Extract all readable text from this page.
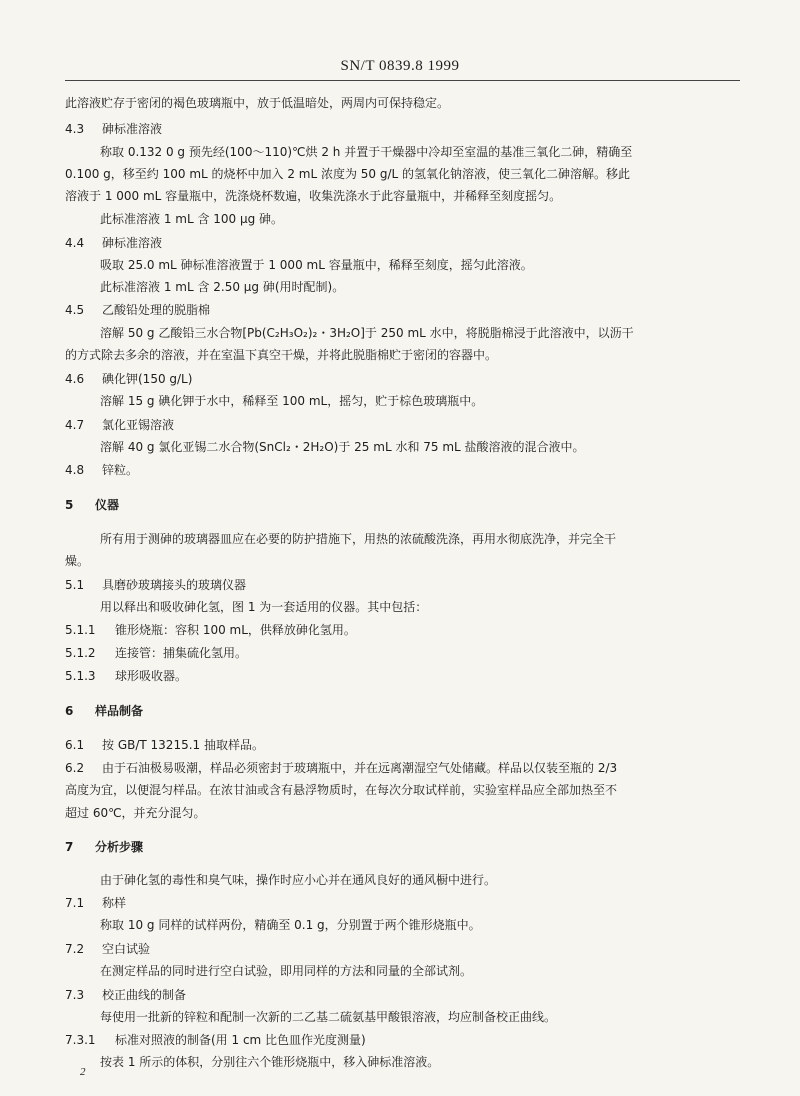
SN/T 0839.8 1999
此溶液贮存于密闭的褐色玻璃瓶中，放于低温暗处，两周内可保持稳定。
4.3 砷标准溶液
称取 0.132 0 g 预先经(100～110)℃烘 2 h 并置于干燥器中冷却至室温的基准三氧化二砷，精确至
0.100 g，移至约 100 mL 的烧杯中加入 2 mL 浓度为 50 g/L 的氢氧化钠溶液，使三氧化二砷溶解。移此
溶液于 1 000 mL 容量瓶中，洗涤烧杯数遍，收集洗涤水于此容量瓶中，并稀释至刻度摇匀。
此标准溶液 1 mL 含 100 μg 砷。
4.4 砷标准溶液
吸取 25.0 mL 砷标准溶液置于 1 000 mL 容量瓶中，稀释至刻度，摇匀此溶液。
此标准溶液 1 mL 含 2.50 μg 砷(用时配制)。
4.5 乙酸铅处理的脱脂棉
溶解 50 g 乙酸铅三水合物[Pb(C₂H₃O₂)₂・3H₂O]于 250 mL 水中，将脱脂棉浸于此溶液中，以沥干
的方式除去多余的溶液，并在室温下真空干燥，并将此脱脂棉贮于密闭的容器中。
4.6 碘化钾(150 g/L)
溶解 15 g 碘化钾于水中，稀释至 100 mL，摇匀，贮于棕色玻璃瓶中。
4.7 氯化亚锡溶液
溶解 40 g 氯化亚锡二水合物(SnCl₂・2H₂O)于 25 mL 水和 75 mL 盐酸溶液的混合液中。
4.8 锌粒。
5 仪器
所有用于测砷的玻璃器皿应在必要的防护措施下，用热的浓硫酸洗涤，再用水彻底洗净，并完全干
燥。
5.1 具磨砂玻璃接头的玻璃仪器
用以释出和吸收砷化氢，图 1 为一套适用的仪器。其中包括：
5.1.1 锥形烧瓶：容积 100 mL，供释放砷化氢用。
5.1.2 连接管：捕集硫化氢用。
5.1.3 球形吸收器。
6 样品制备
6.1 按 GB/T 13215.1 抽取样品。
6.2 由于石油极易吸潮，样品必须密封于玻璃瓶中，并在远离潮湿空气处储藏。样品以仅装至瓶的 2/3
高度为宜，以便混匀样品。在浓甘油或含有悬浮物质时，在每次分取试样前，实验室样品应全部加热至不
超过 60℃，并充分混匀。
7 分析步骤
由于砷化氢的毒性和臭气味，操作时应小心并在通风良好的通风橱中进行。
7.1 称样
称取 10 g 同样的试样两份，精确至 0.1 g，分别置于两个锥形烧瓶中。
7.2 空白试验
在测定样品的同时进行空白试验，即用同样的方法和同量的全部试剂。
7.3 校正曲线的制备
每使用一批新的锌粒和配制一次新的二乙基二硫氨基甲酸银溶液，均应制备校正曲线。
7.3.1 标准对照液的制备(用 1 cm 比色皿作光度测量)
按表 1 所示的体积，分别往六个锥形烧瓶中，移入砷标准溶液。
2
